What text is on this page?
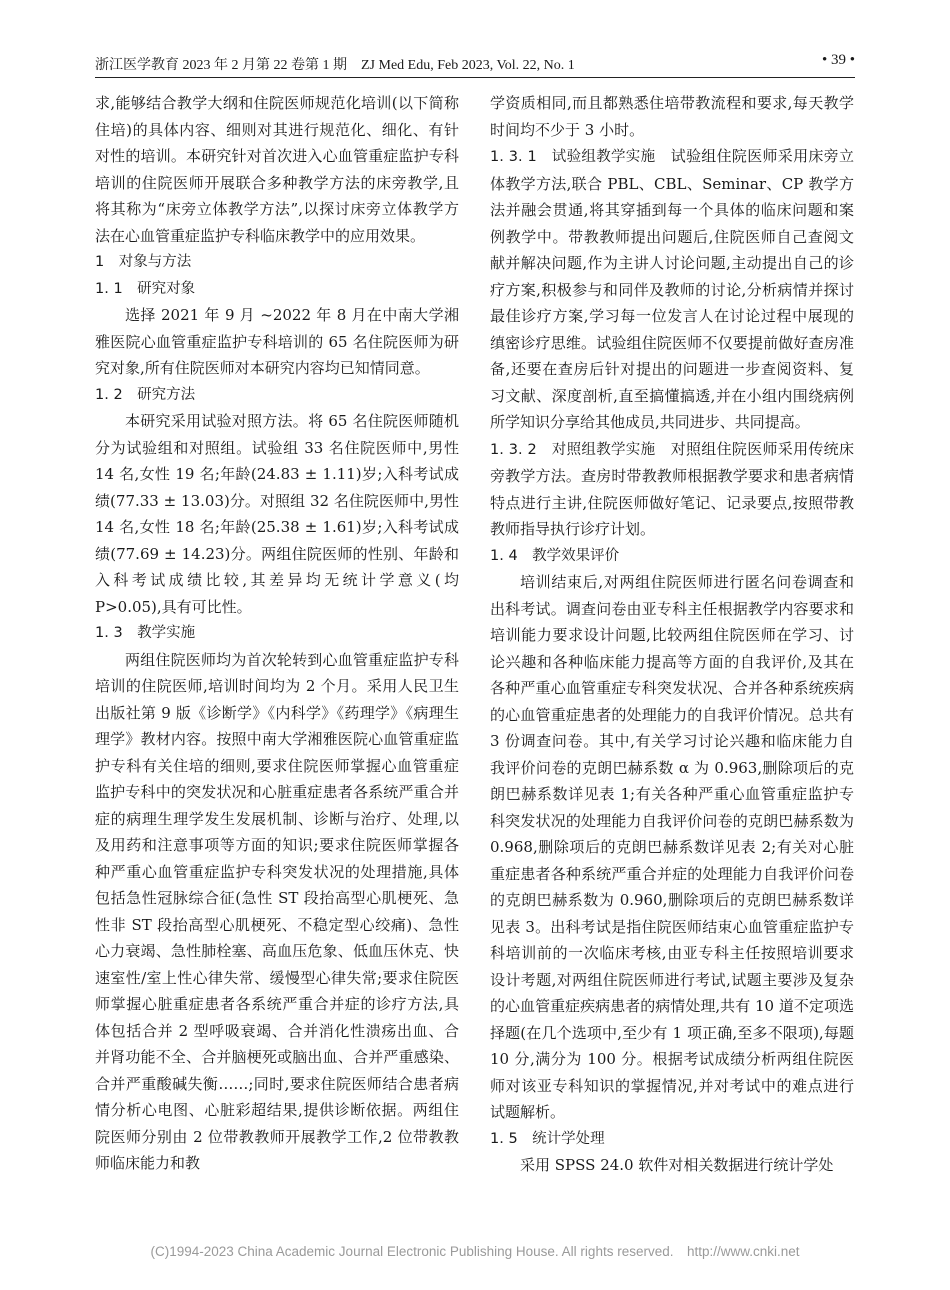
浙江医学教育 2023 年 2 月第 22 卷第 1 期　ZJ Med Edu, Feb 2023, Vol. 22, No. 1	• 39 •

求,能够结合教学大纲和住院医师规范化培训(以下简称住培)的具体内容、细则对其进行规范化、细化、有针对性的培训。本研究针对首次进入心血管重症监护专科培训的住院医师开展联合多种教学方法的床旁教学,且将其称为“床旁立体教学方法”,以探讨床旁立体教学方法在心血管重症监护专科临床教学中的应用效果。

1　对象与方法

1. 1　研究对象

选择 2021 年 9 月 ~2022 年 8 月在中南大学湘雅医院心血管重症监护专科培训的 65 名住院医师为研究对象,所有住院医师对本研究内容均已知情同意。

1. 2　研究方法

本研究采用试验对照方法。将 65 名住院医师随机分为试验组和对照组。试验组 33 名住院医师中,男性 14 名,女性 19 名;年龄(24.83 ± 1.11)岁;入科考试成绩(77.33 ± 13.03)分。对照组 32 名住院医师中,男性 14 名,女性 18 名;年龄(25.38 ± 1.61)岁;入科考试成绩(77.69 ± 14.23)分。两组住院医师的性别、年龄和入科考试成绩比较,其差异均无统计学意义(均 P>0.05),具有可比性。

1. 3　教学实施

两组住院医师均为首次轮转到心血管重症监护专科培训的住院医师,培训时间均为 2 个月。采用人民卫生出版社第 9 版《诊断学》《内科学》《药理学》《病理生理学》教材内容。按照中南大学湘雅医院心血管重症监护专科有关住培的细则,要求住院医师掌握心血管重症监护专科中的突发状况和心脏重症患者各系统严重合并症的病理生理学发生发展机制、诊断与治疗、处理,以及用药和注意事项等方面的知识;要求住院医师掌握各种严重心血管重症监护专科突发状况的处理措施,具体包括急性冠脉综合征(急性 ST 段抬高型心肌梗死、急性非 ST 段抬高型心肌梗死、不稳定型心绞痛)、急性心力衰竭、急性肺栓塞、高血压危象、低血压休克、快速室性/室上性心律失常、缓慢型心律失常;要求住院医师掌握心脏重症患者各系统严重合并症的诊疗方法,具体包括合并 2 型呼吸衰竭、合并消化性溃疡出血、合并肾功能不全、合并脑梗死或脑出血、合并严重感染、合并严重酸碱失衡……;同时,要求住院医师结合患者病情分析心电图、心脏彩超结果,提供诊断依据。两组住院医师分别由 2 位带教教师开展教学工作,2 位带教教师临床能力和教

学资质相同,而且都熟悉住培带教流程和要求,每天教学时间均不少于 3 小时。

1. 3. 1　试验组教学实施　 试验组住院医师采用床旁立体教学方法,联合 PBL、CBL、Seminar、CP 教学方法并融会贯通,将其穿插到每一个具体的临床问题和案例教学中。带教教师提出问题后,住院医师自己查阅文献并解决问题,作为主讲人讨论问题,主动提出自己的诊疗方案,积极参与和同伴及教师的讨论,分析病情并探讨最佳诊疗方案,学习每一位发言人在讨论过程中展现的缜密诊疗思维。试验组住院医师不仅要提前做好查房准备,还要在查房后针对提出的问题进一步查阅资料、复习文献、深度剖析,直至搞懂搞透,并在小组内围绕病例所学知识分享给其他成员,共同进步、共同提高。

1. 3. 2　对照组教学实施　 对照组住院医师采用传统床旁教学方法。查房时带教教师根据教学要求和患者病情特点进行主讲,住院医师做好笔记、记录要点,按照带教教师指导执行诊疗计划。

1. 4　教学效果评价

培训结束后,对两组住院医师进行匿名问卷调查和出科考试。调查问卷由亚专科主任根据教学内容要求和培训能力要求设计问题,比较两组住院医师在学习、讨论兴趣和各种临床能力提高等方面的自我评价,及其在各种严重心血管重症专科突发状况、合并各种系统疾病的心血管重症患者的处理能力的自我评价情况。总共有 3 份调查问卷。其中,有关学习讨论兴趣和临床能力自我评价问卷的克朗巴赫系数 α 为 0.963,删除项后的克朗巴赫系数详见表 1;有关各种严重心血管重症监护专科突发状况的处理能力自我评价问卷的克朗巴赫系数为 0.968,删除项后的克朗巴赫系数详见表 2;有关对心脏重症患者各种系统严重合并症的处理能力自我评价问卷的克朗巴赫系数为 0.960,删除项后的克朗巴赫系数详见表 3。出科考试是指住院医师结束心血管重症监护专科培训前的一次临床考核,由亚专科主任按照培训要求设计考题,对两组住院医师进行考试,试题主要涉及复杂的心血管重症疾病患者的病情处理,共有 10 道不定项选择题(在几个选项中,至少有 1 项正确,至多不限项),每题 10 分,满分为 100 分。根据考试成绩分析两组住院医师对该亚专科知识的掌握情况,并对考试中的难点进行试题解析。

1. 5　统计学处理

采用 SPSS 24.0 软件对相关数据进行统计学处

(C)1994-2023 China Academic Journal Electronic Publishing House. All rights reserved.　http://www.cnki.net
